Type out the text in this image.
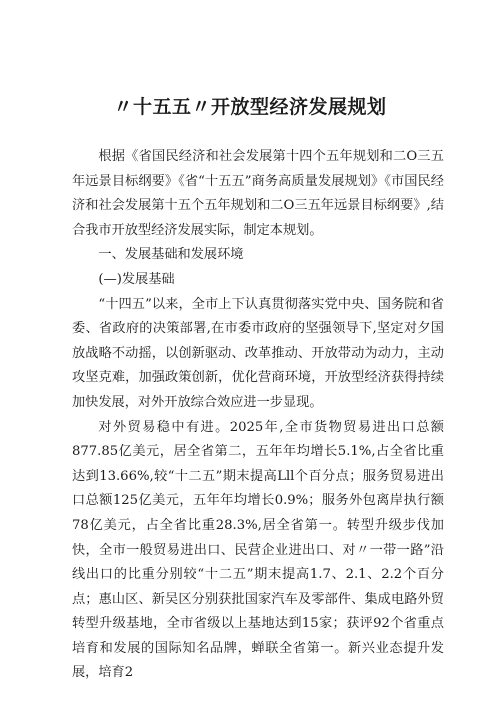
〃十五五〃开放型经济发展规划

根据《省国民经济和社会发展第十四个五年规划和二O三五年远景目标纲要》《省“十五五”商务高质量发展规划》《市国民经济和社会发展第十五个五年规划和二O三五年远景目标纲要》,结合我市开放型经济发展实际，制定本规划。

一、发展基础和发展环境

(—)发展基础

“十四五”以来，全市上下认真贯彻落实党中央、国务院和省委、省政府的决策部署,在市委市政府的坚强领导下,坚定对夕国放战略不动摇，以创新驱动、改革推动、开放带动为动力，主动攻坚克难，加强政策创新，优化营商环境，开放型经济获得持续加快发展，对外开放综合效应进一步显现。

对外贸易稳中有进。2025年,全市货物贸易进出口总额877.85亿美元，居全省第二，五年年均增长5.1%,占全省比重达到13.66%,较“十二五”期末提高Lll个百分点；服务贸易进出口总额125亿美元，五年年均增长0.9%；服务外包离岸执行额78亿美元，占全省比重28.3%,居全省第一。转型升级步伐加快，全市一般贸易进出口、民营企业进出口、对〃一带一路”沿线出口的比重分别较“十二五”期末提高1.7、2.1、2.2个百分点；惠山区、新吴区分别获批国家汽车及零部件、集成电路外贸转型升级基地，全市省级以上基地达到15家；获评92个省重点培育和发展的国际知名品牌，蝉联全省第一。新兴业态提升发展，培育2
